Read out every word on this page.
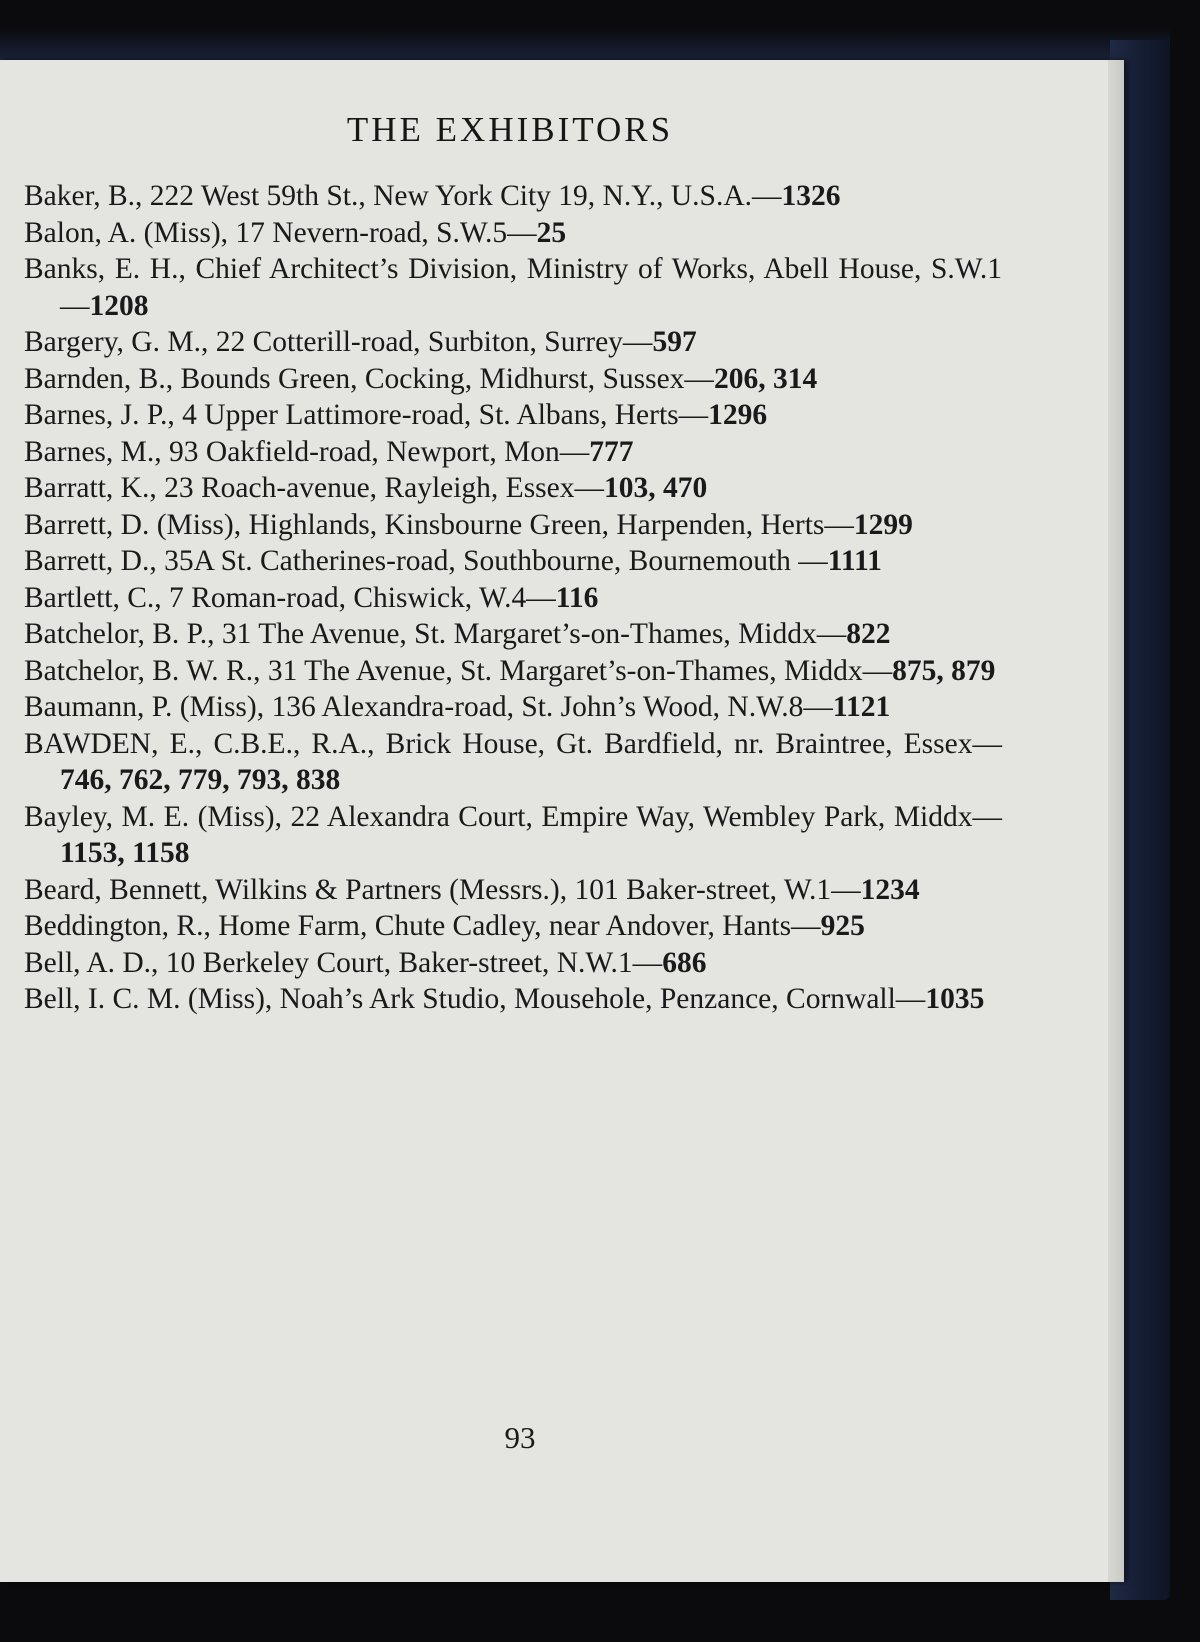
THE EXHIBITORS
Baker, B., 222 West 59th St., New York City 19, N.Y., U.S.A.—1326
Balon, A. (Miss), 17 Nevern-road, S.W.5—25
Banks, E. H., Chief Architect’s Division, Ministry of Works, Abell House, S.W.1—1208
Bargery, G. M., 22 Cotterill-road, Surbiton, Surrey—597
Barnden, B., Bounds Green, Cocking, Midhurst, Sussex—206, 314
Barnes, J. P., 4 Upper Lattimore-road, St. Albans, Herts—1296
Barnes, M., 93 Oakfield-road, Newport, Mon—777
Barratt, K., 23 Roach-avenue, Rayleigh, Essex—103, 470
Barrett, D. (Miss), Highlands, Kinsbourne Green, Harpenden, Herts—1299
Barrett, D., 35A St. Catherines-road, Southbourne, Bournemouth —1111
Bartlett, C., 7 Roman-road, Chiswick, W.4—116
Batchelor, B. P., 31 The Avenue, St. Margaret’s-on-Thames, Middx—822
Batchelor, B. W. R., 31 The Avenue, St. Margaret’s-on-Thames, Middx—875, 879
Baumann, P. (Miss), 136 Alexandra-road, St. John’s Wood, N.W.8—1121
BAWDEN, E., C.B.E., R.A., Brick House, Gt. Bardfield, nr. Braintree, Essex—746, 762, 779, 793, 838
Bayley, M. E. (Miss), 22 Alexandra Court, Empire Way, Wembley Park, Middx—1153, 1158
Beard, Bennett, Wilkins & Partners (Messrs.), 101 Baker-street, W.1—1234
Beddington, R., Home Farm, Chute Cadley, near Andover, Hants—925
Bell, A. D., 10 Berkeley Court, Baker-street, N.W.1—686
Bell, I. C. M. (Miss), Noah’s Ark Studio, Mousehole, Penzance, Cornwall—1035
93
